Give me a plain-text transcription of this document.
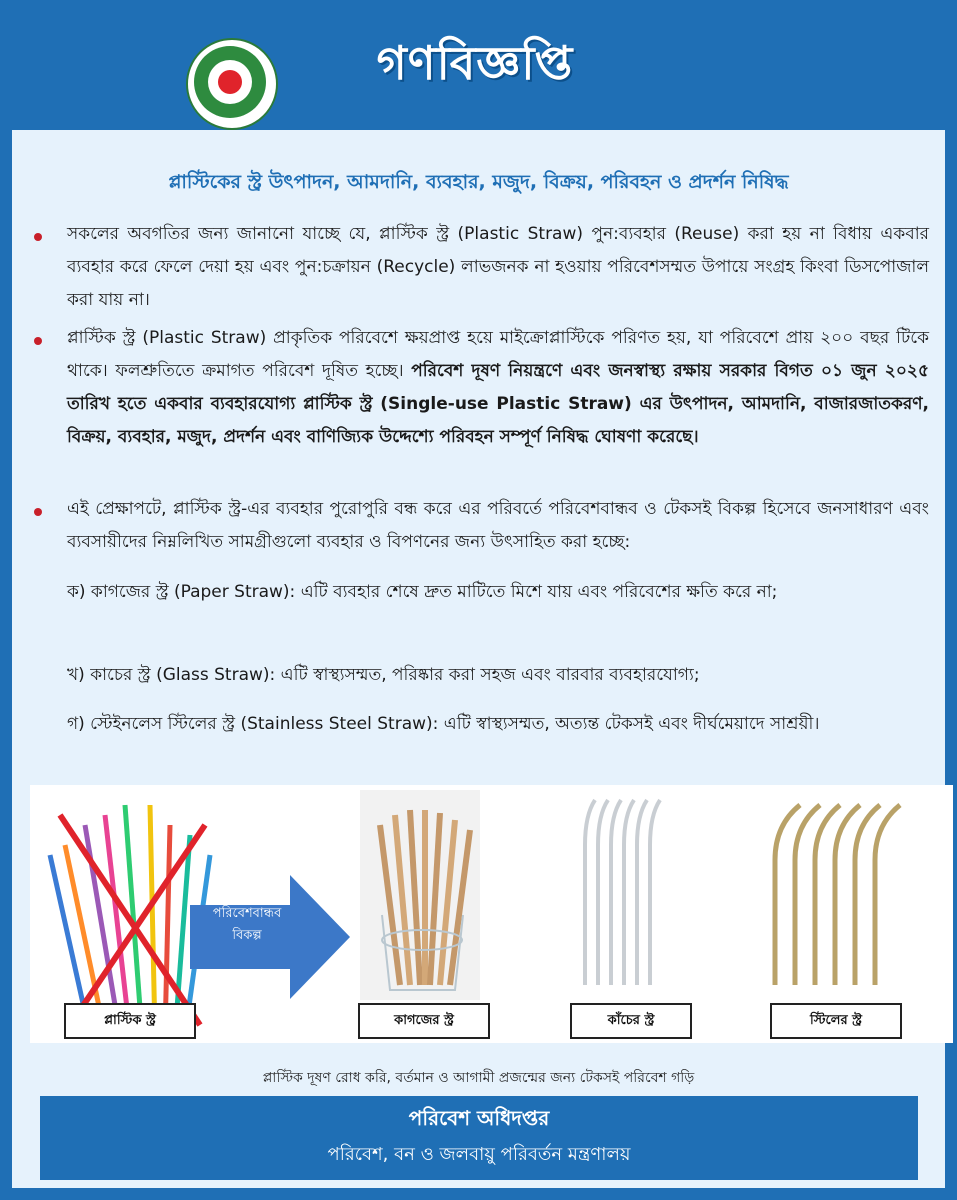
গণবিজ্ঞপ্তি
প্লাস্টিকের স্ট্র উৎপাদন, আমদানি, ব্যবহার, মজুদ, বিক্রয়, পরিবহন ও প্রদর্শন নিষিদ্ধ
সকলের অবগতির জন্য জানানো যাচ্ছে যে, প্লাস্টিক স্ট্র (Plastic Straw) পুন:ব্যবহার (Reuse) করা হয় না বিধায় একবার ব্যবহার করে ফেলে দেয়া হয় এবং পুন:চক্রায়ন (Recycle) লাভজনক না হওয়ায় পরিবেশসম্মত উপায়ে সংগ্রহ কিংবা ডিসপোজাল করা যায় না।
প্লাস্টিক স্ট্র (Plastic Straw) প্রাকৃতিক পরিবেশে ক্ষয়প্রাপ্ত হয়ে মাইক্রোপ্লাস্টিকে পরিণত হয়, যা পরিবেশে প্রায় ২০০ বছর টিকে থাকে। ফলশ্রুতিতে ক্রমাগত পরিবেশ দূষিত হচ্ছে। পরিবেশ দূষণ নিয়ন্ত্রণে এবং জনস্বাস্থ্য রক্ষায় সরকার বিগত ০১ জুন ২০২৫ তারিখ হতে একবার ব্যবহারযোগ্য প্লাস্টিক স্ট্র (Single-use Plastic Straw) এর উৎপাদন, আমদানি, বাজারজাতকরণ, বিক্রয়, ব্যবহার, মজুদ, প্রদর্শন এবং বাণিজ্যিক উদ্দেশ্যে পরিবহন সম্পূর্ণ নিষিদ্ধ ঘোষণা করেছে।
এই প্রেক্ষাপটে, প্লাস্টিক স্ট্র-এর ব্যবহার পুরোপুরি বন্ধ করে এর পরিবর্তে পরিবেশবান্ধব ও টেকসই বিকল্প হিসেবে জনসাধারণ এবং ব্যবসায়ীদের নিম্নলিখিত সামগ্রীগুলো ব্যবহার ও বিপণনের জন্য উৎসাহিত করা হচ্ছে:
ক) কাগজের স্ট্র (Paper Straw): এটি ব্যবহার শেষে দ্রুত মাটিতে মিশে যায় এবং পরিবেশের ক্ষতি করে না;
খ) কাচের স্ট্র (Glass Straw): এটি স্বাস্থ্যসম্মত, পরিষ্কার করা সহজ এবং বারবার ব্যবহারযোগ্য;
গ) স্টেইনলেস স্টিলের স্ট্র (Stainless Steel Straw): এটি স্বাস্থ্যসম্মত, অত্যন্ত টেকসই এবং দীর্ঘমেয়াদে সাশ্রয়ী।
পরিবেশবান্ধব
বিকল্প
প্লাস্টিক স্ট্র	কাগজের স্ট্র	কাঁচের স্ট্র	স্টিলের স্ট্র
প্লাস্টিক দূষণ রোধ করি, বর্তমান ও আগামী প্রজন্মের জন্য টেকসই পরিবেশ গড়ি
পরিবেশ অধিদপ্তর
পরিবেশ, বন ও জলবায়ু পরিবর্তন মন্ত্রণালয়
